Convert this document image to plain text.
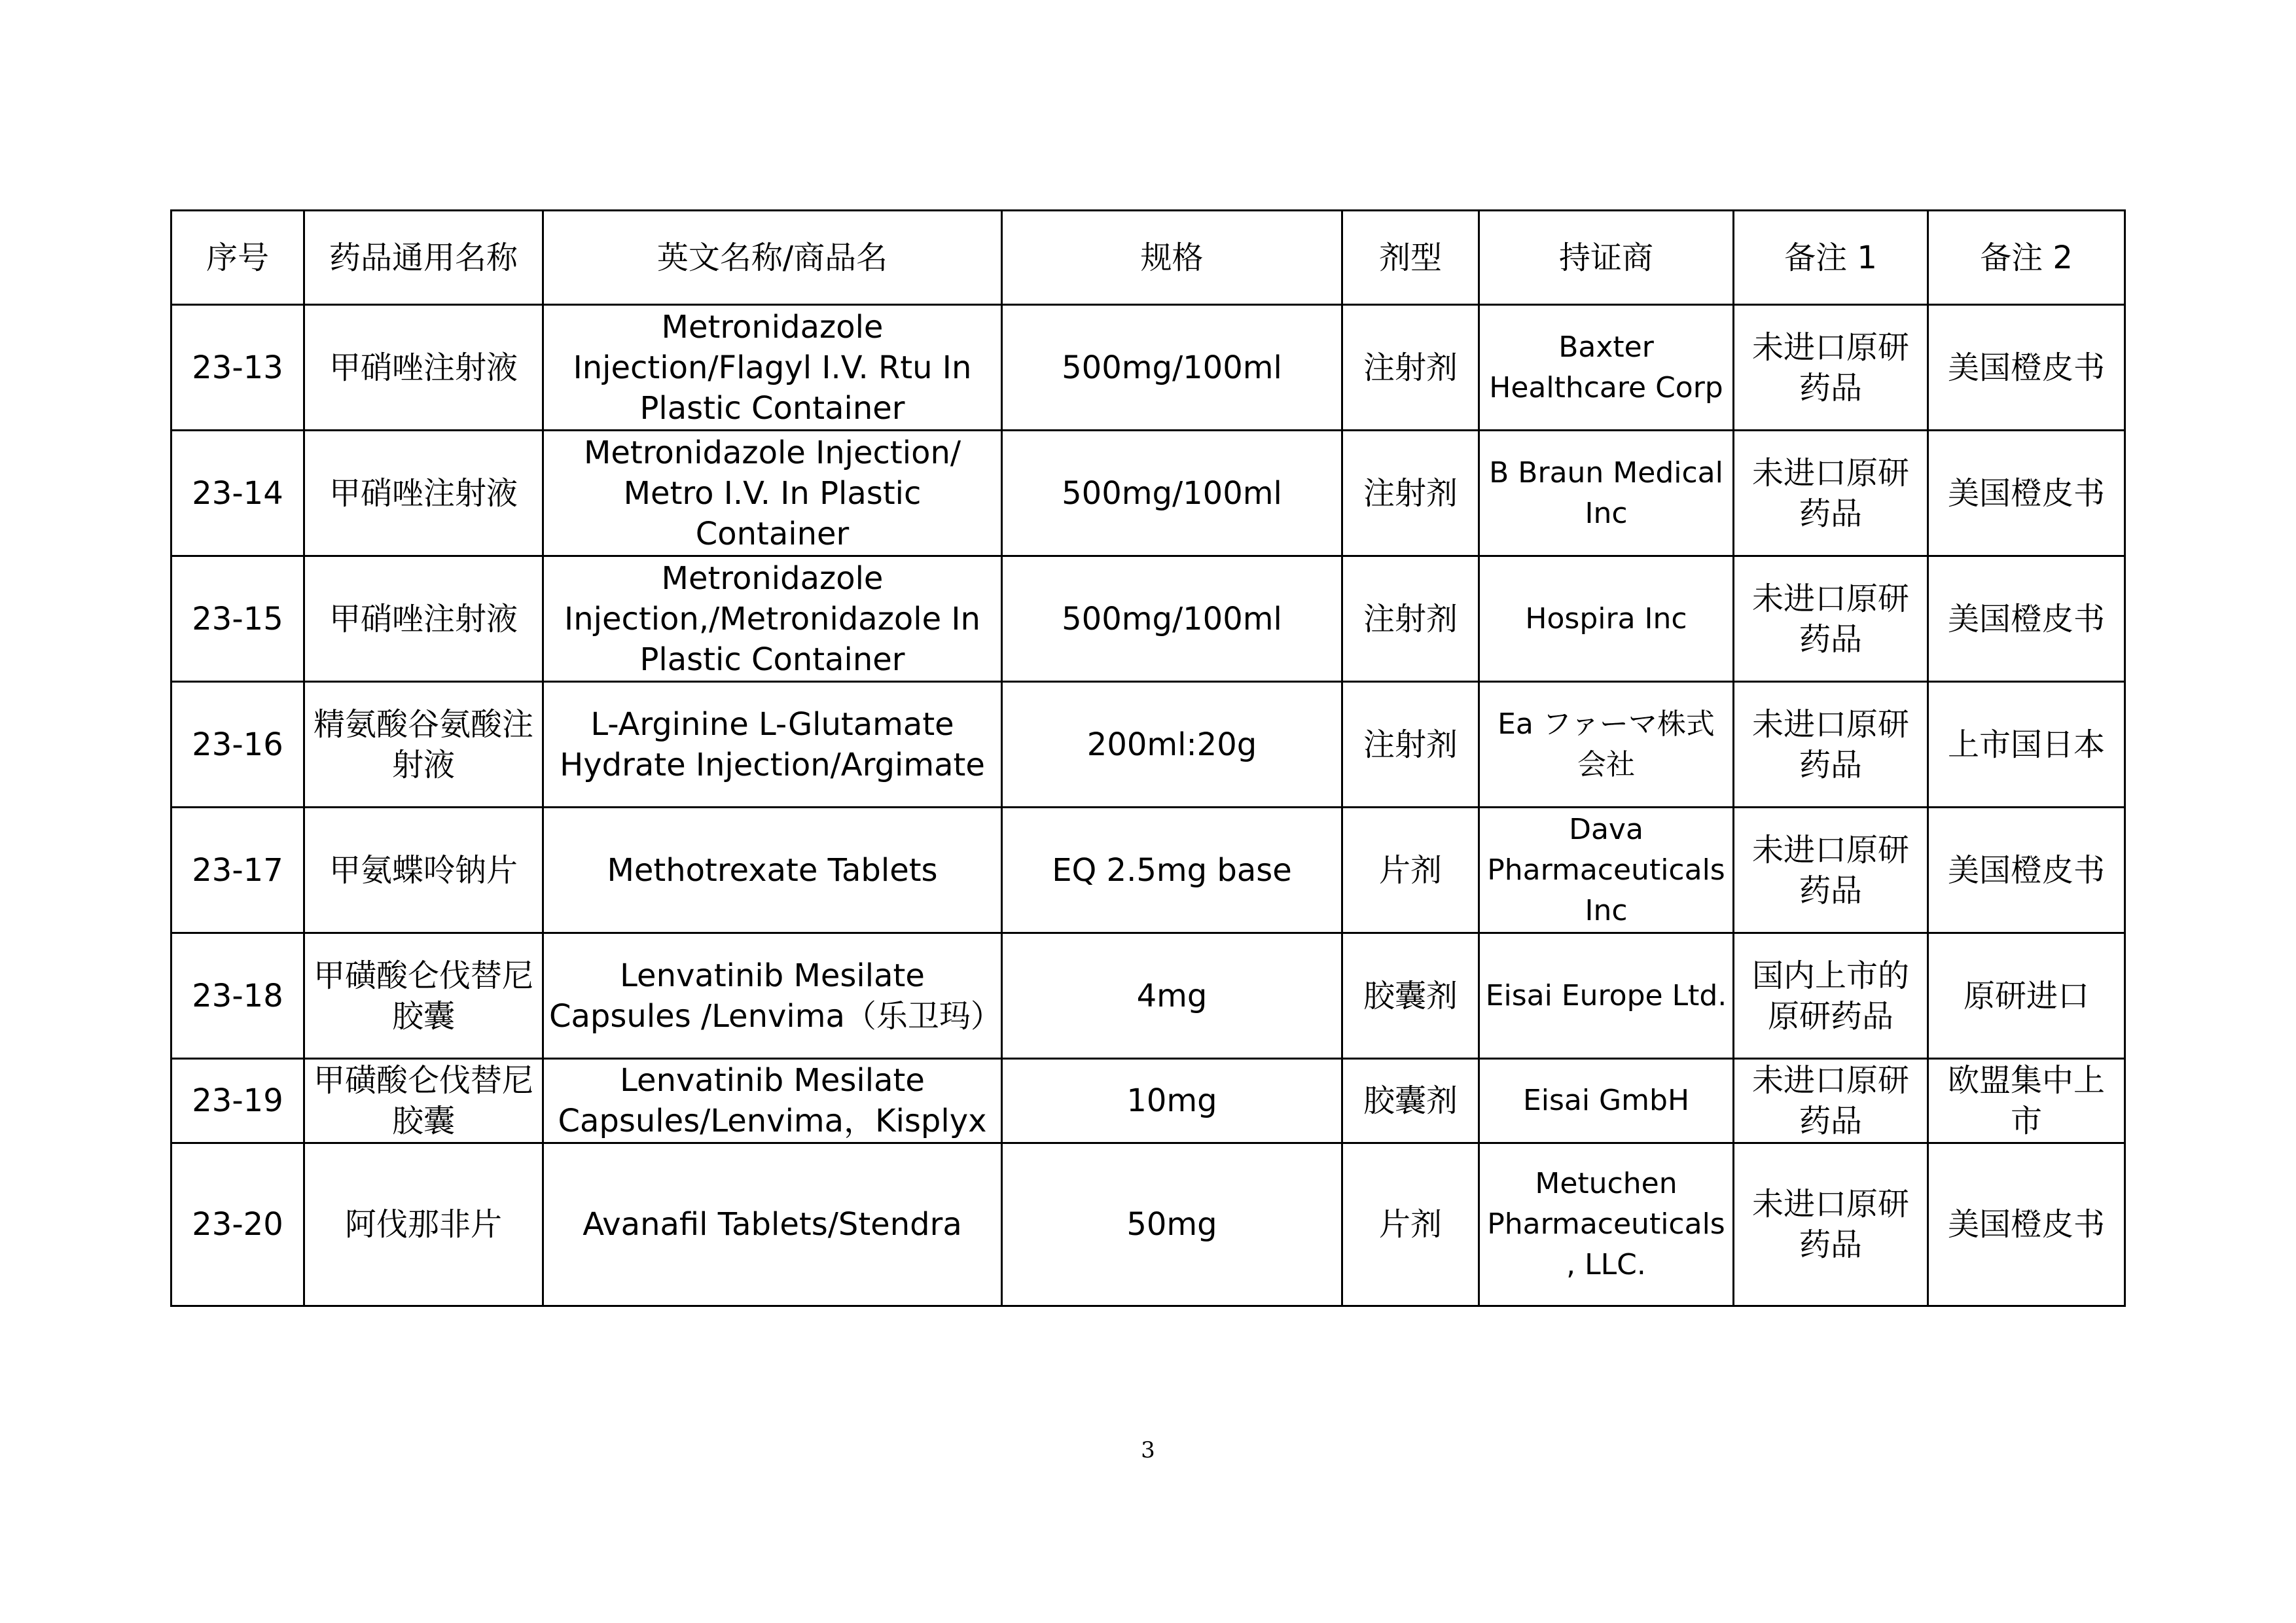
序号	药品通用名称	英文名称/商品名	规格	剂型	持证商	备注 1	备注 2
23-13	甲硝唑注射液	Metronidazole Injection/Flagyl I.V. Rtu In Plastic Container	500mg/100ml	注射剂	Baxter Healthcare Corp	未进口原研药品	美国橙皮书
23-14	甲硝唑注射液	Metronidazole Injection/ Metro I.V. In Plastic Container	500mg/100ml	注射剂	B Braun Medical Inc	未进口原研药品	美国橙皮书
23-15	甲硝唑注射液	Metronidazole Injection,/Metronidazole In Plastic Container	500mg/100ml	注射剂	Hospira Inc	未进口原研药品	美国橙皮书
23-16	精氨酸谷氨酸注射液	L-Arginine L-Glutamate Hydrate Injection/Argimate	200ml:20g	注射剂	Ea ファーマ株式会社	未进口原研药品	上市国日本
23-17	甲氨蝶呤钠片	Methotrexate Tablets	EQ 2.5mg base	片剂	Dava Pharmaceuticals Inc	未进口原研药品	美国橙皮书
23-18	甲磺酸仑伐替尼胶囊	Lenvatinib Mesilate Capsules /Lenvima（乐卫玛）	4mg	胶囊剂	Eisai Europe Ltd.	国内上市的原研药品	原研进口
23-19	甲磺酸仑伐替尼胶囊	Lenvatinib Mesilate Capsules/Lenvima，Kisplyx	10mg	胶囊剂	Eisai GmbH	未进口原研药品	欧盟集中上市
23-20	阿伐那非片	Avanafil Tablets/Stendra	50mg	片剂	Metuchen Pharmaceuticals, LLC.	未进口原研药品	美国橙皮书
3
